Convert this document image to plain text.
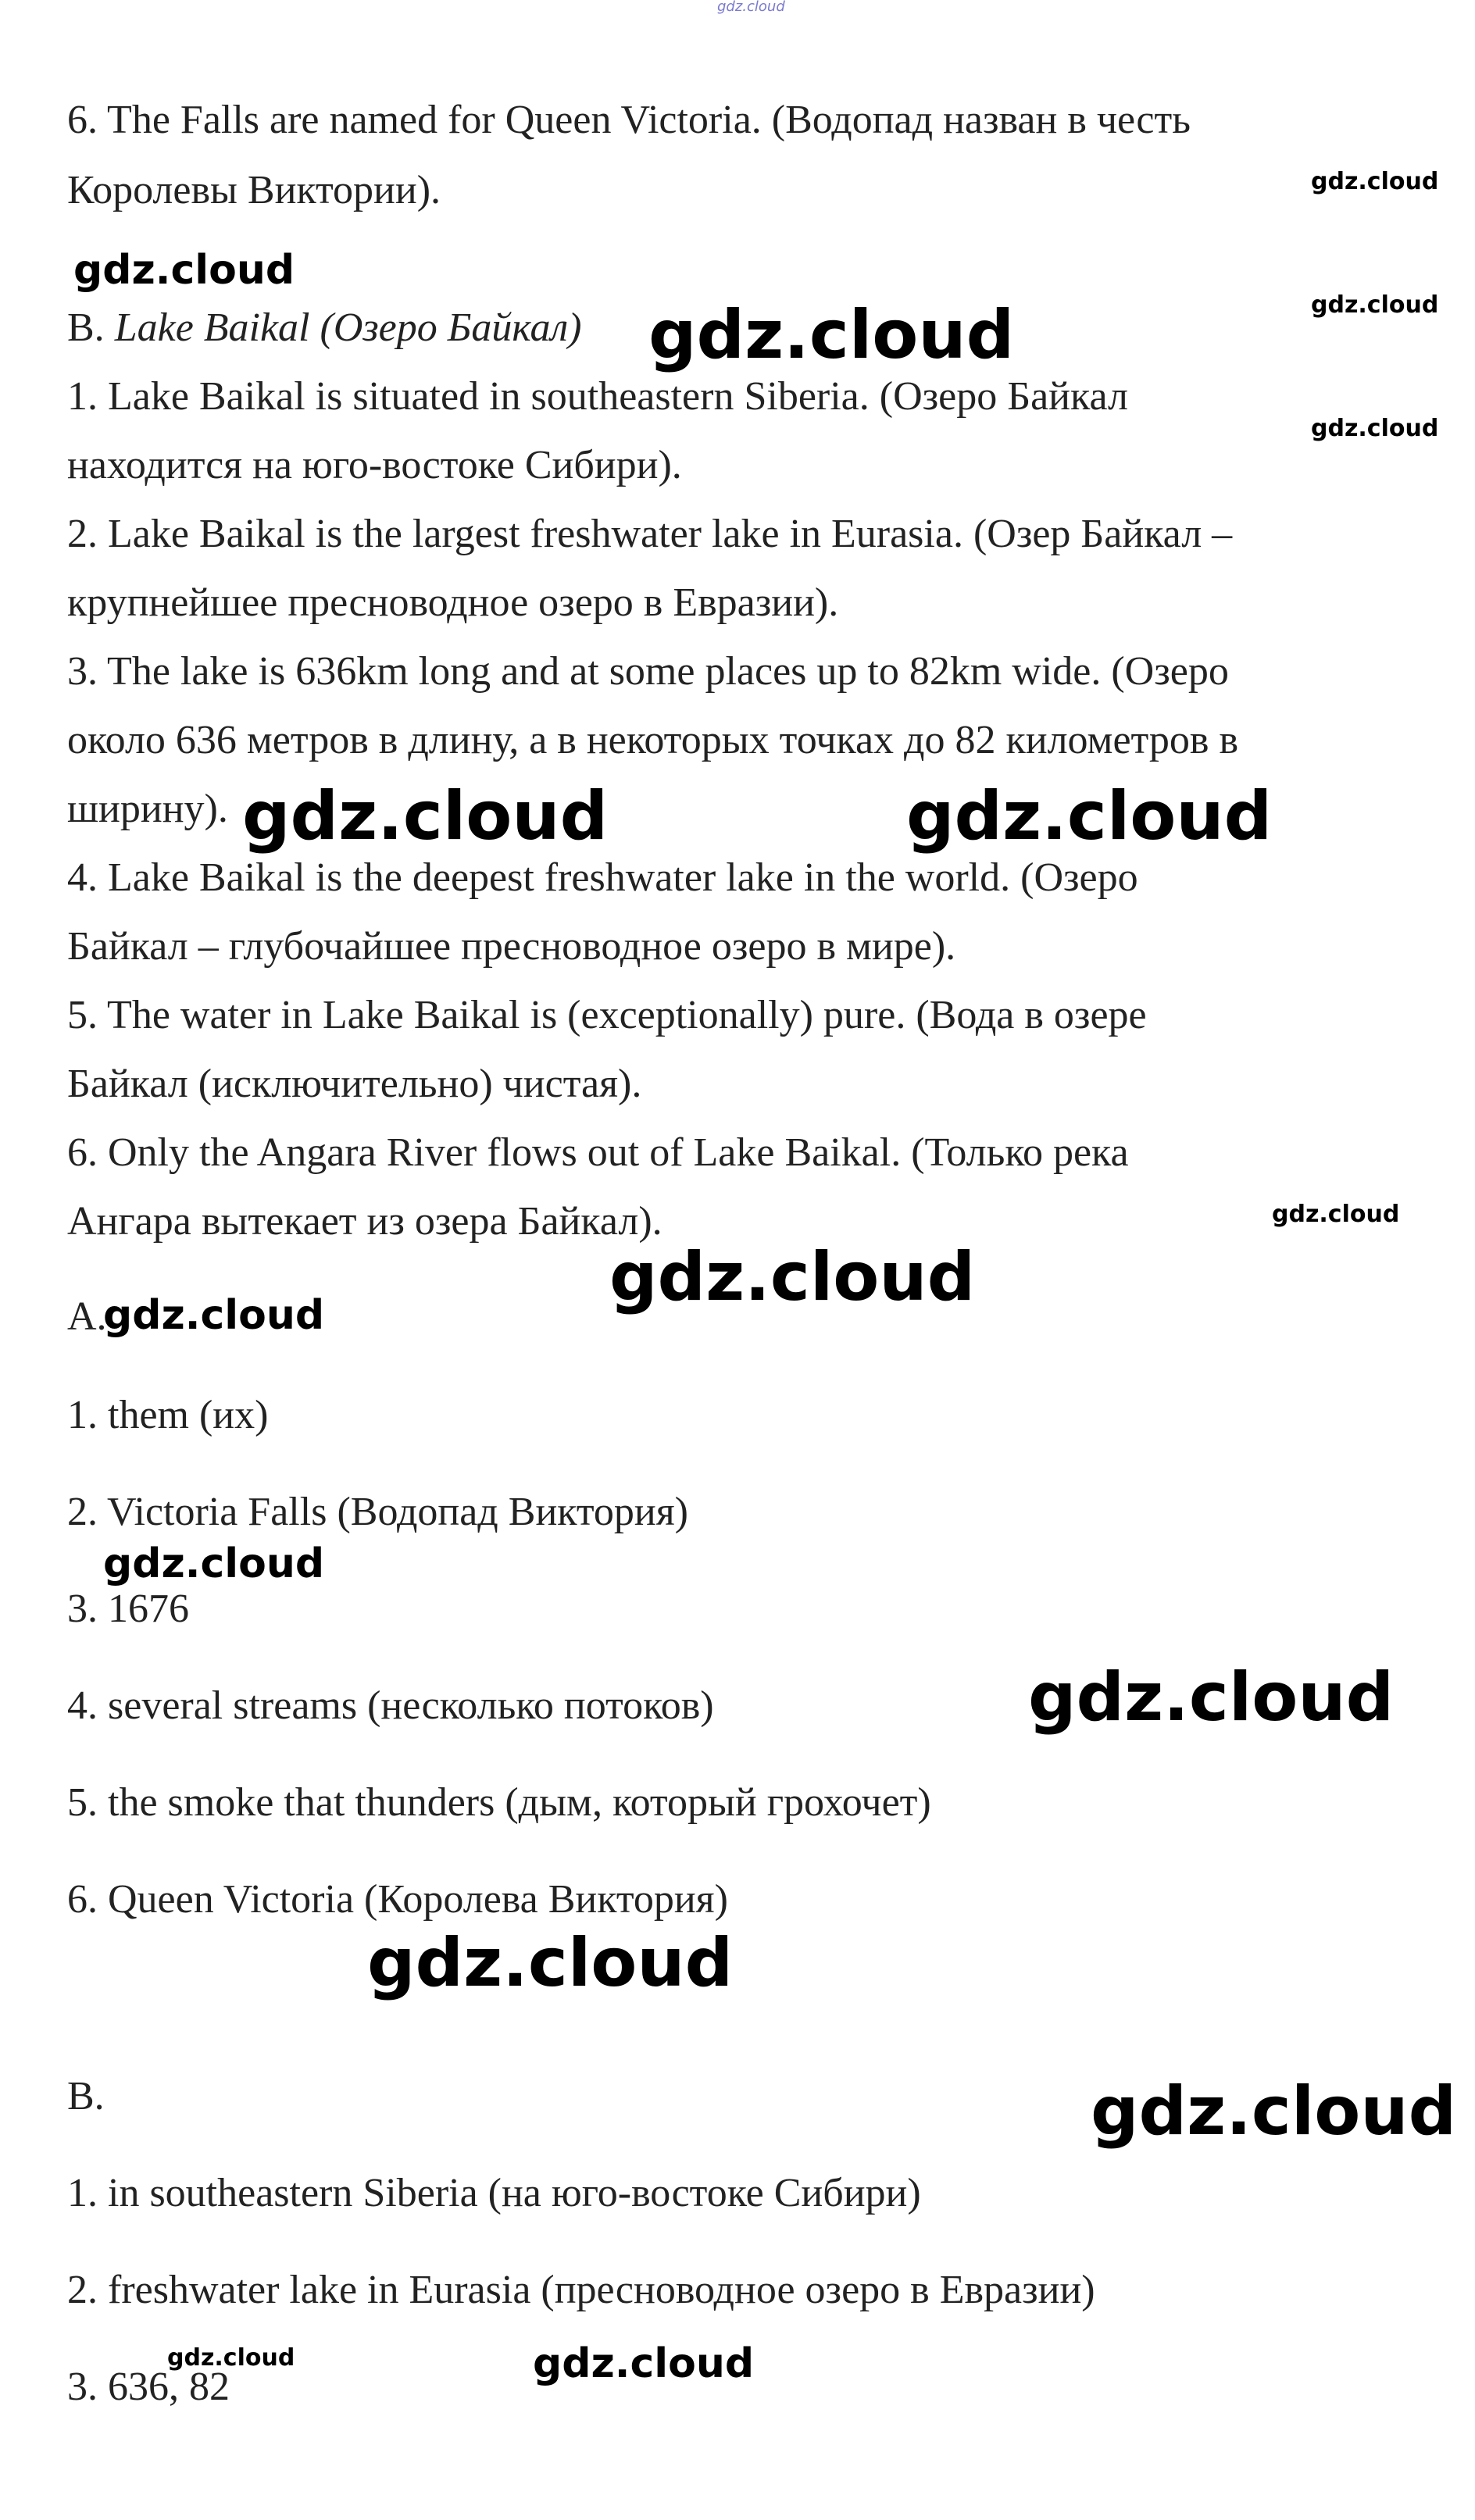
gdz.cloud
6. The Falls are named for Queen Victoria. (Водопад назван в честь
Королевы Виктории).
B. Lake Baikal (Озеро Байкал)
1. Lake Baikal is situated in southeastern Siberia. (Озеро Байкал
находится на юго-востоке Сибири).
2. Lake Baikal is the largest freshwater lake in Eurasia. (Озер Байкал –
крупнейшее пресноводное озеро в Евразии).
3. The lake is 636km long and at some places up to 82km wide. (Озеро
около 636 метров в длину, а в некоторых точках до 82 километров в
ширину).
4. Lake Baikal is the deepest freshwater lake in the world. (Озеро
Байкал – глубочайшее пресноводное озеро в мире).
5. The water in Lake Baikal is (exceptionally) pure. (Вода в озере
Байкал (исключительно) чистая).
6. Only the Angara River flows out of Lake Baikal. (Только река
Ангара вытекает из озера Байкал).
A.
1. them (их)
2. Victoria Falls (Водопад Виктория)
3. 1676
4. several streams (несколько потоков)
5. the smoke that thunders (дым, который грохочет)
6. Queen Victoria (Королева Виктория)
B.
1. in southeastern Siberia (на юго-востоке Сибири)
2. freshwater lake in Eurasia (пресноводное озеро в Евразии)
3. 636, 82
gdz.cloud
gdz.cloud
gdz.cloud
gdz.cloud
gdz.cloud
gdz.cloud	gdz.cloud
gdz.cloud
gdz.cloud
gdz.cloud
gdz.cloud
gdz.cloud
gdz.cloud
gdz.cloud
gdz.cloud	gdz.cloud
